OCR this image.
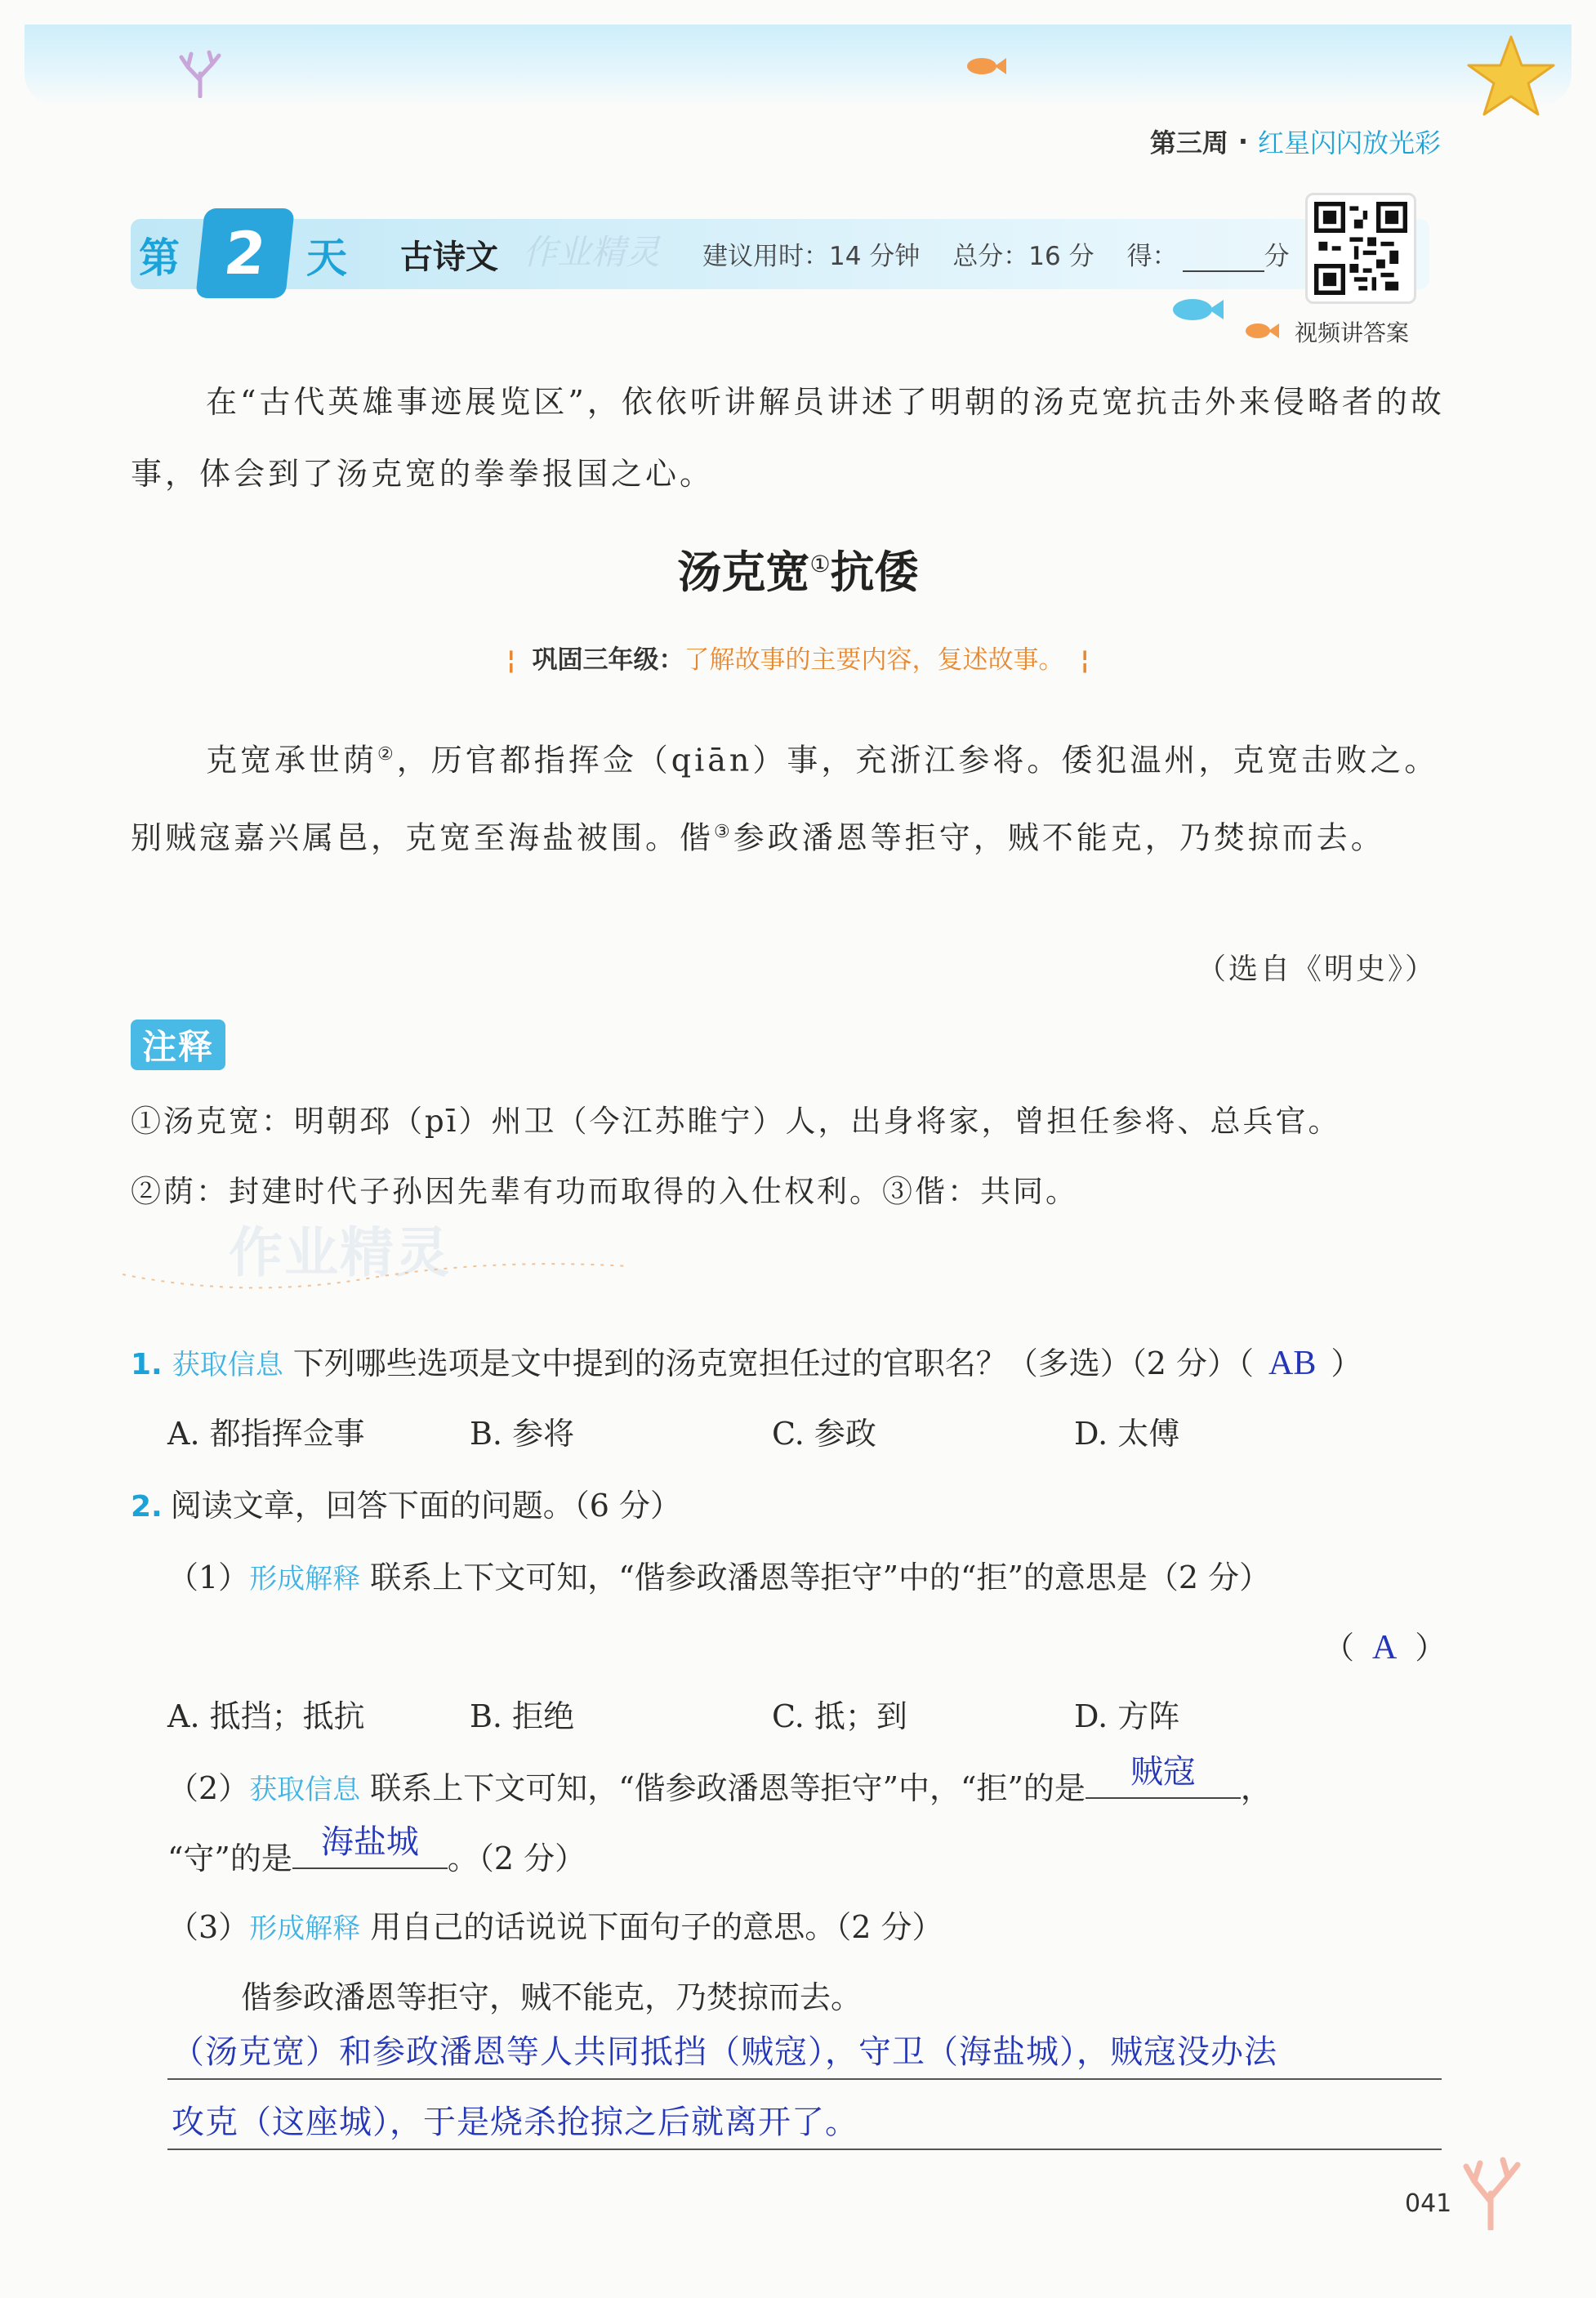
第三周 · 红星闪闪放光彩
第 2 天 古诗文 作业精灵 建议用时：14 分钟 总分：16 分 得：	分
视频讲答案
在“古代英雄事迹展览区”，依依听讲解员讲述了明朝的汤克宽抗击外来侵略者的故事，体会到了汤克宽的拳拳报国之心。
汤克宽①抗倭
¦ 巩固三年级：了解故事的主要内容，复述故事。 ¦
克宽承世荫②，历官都指挥佥（qiān）事，充浙江参将。倭犯温州，克宽击败之。别贼寇嘉兴属邑，克宽至海盐被围。偕③参政潘恩等拒守，贼不能克，乃焚掠而去。
（选自《明史》）
注释
①汤克宽：明朝邳（pī）州卫（今江苏睢宁）人，出身将家，曾担任参将、总兵官。
②荫：封建时代子孙因先辈有功而取得的入仕权利。③偕：共同。
作业精灵
1. 获取信息 下列哪些选项是文中提到的汤克宽担任过的官职名？（多选）（2 分）（ AB ）
A. 都指挥佥事	B. 参将	C. 参政	D. 太傅
2. 阅读文章，回答下面的问题。（6 分）
（1）形成解释 联系上下文可知，“偕参政潘恩等拒守”中的“拒”的意思是（2 分）
（ A ）
A. 抵挡；抵抗	B. 拒绝	C. 抵；到	D. 方阵
（2）获取信息 联系上下文可知，“偕参政潘恩等拒守”中，“拒”的是	贼寇	，
“守”的是 海盐城 。（2 分）
（3）形成解释 用自己的话说说下面句子的意思。（2 分）
偕参政潘恩等拒守，贼不能克，乃焚掠而去。
（汤克宽）和参政潘恩等人共同抵挡（贼寇），守卫（海盐城），贼寇没办法
攻克（这座城），于是烧杀抢掠之后就离开了。
041
